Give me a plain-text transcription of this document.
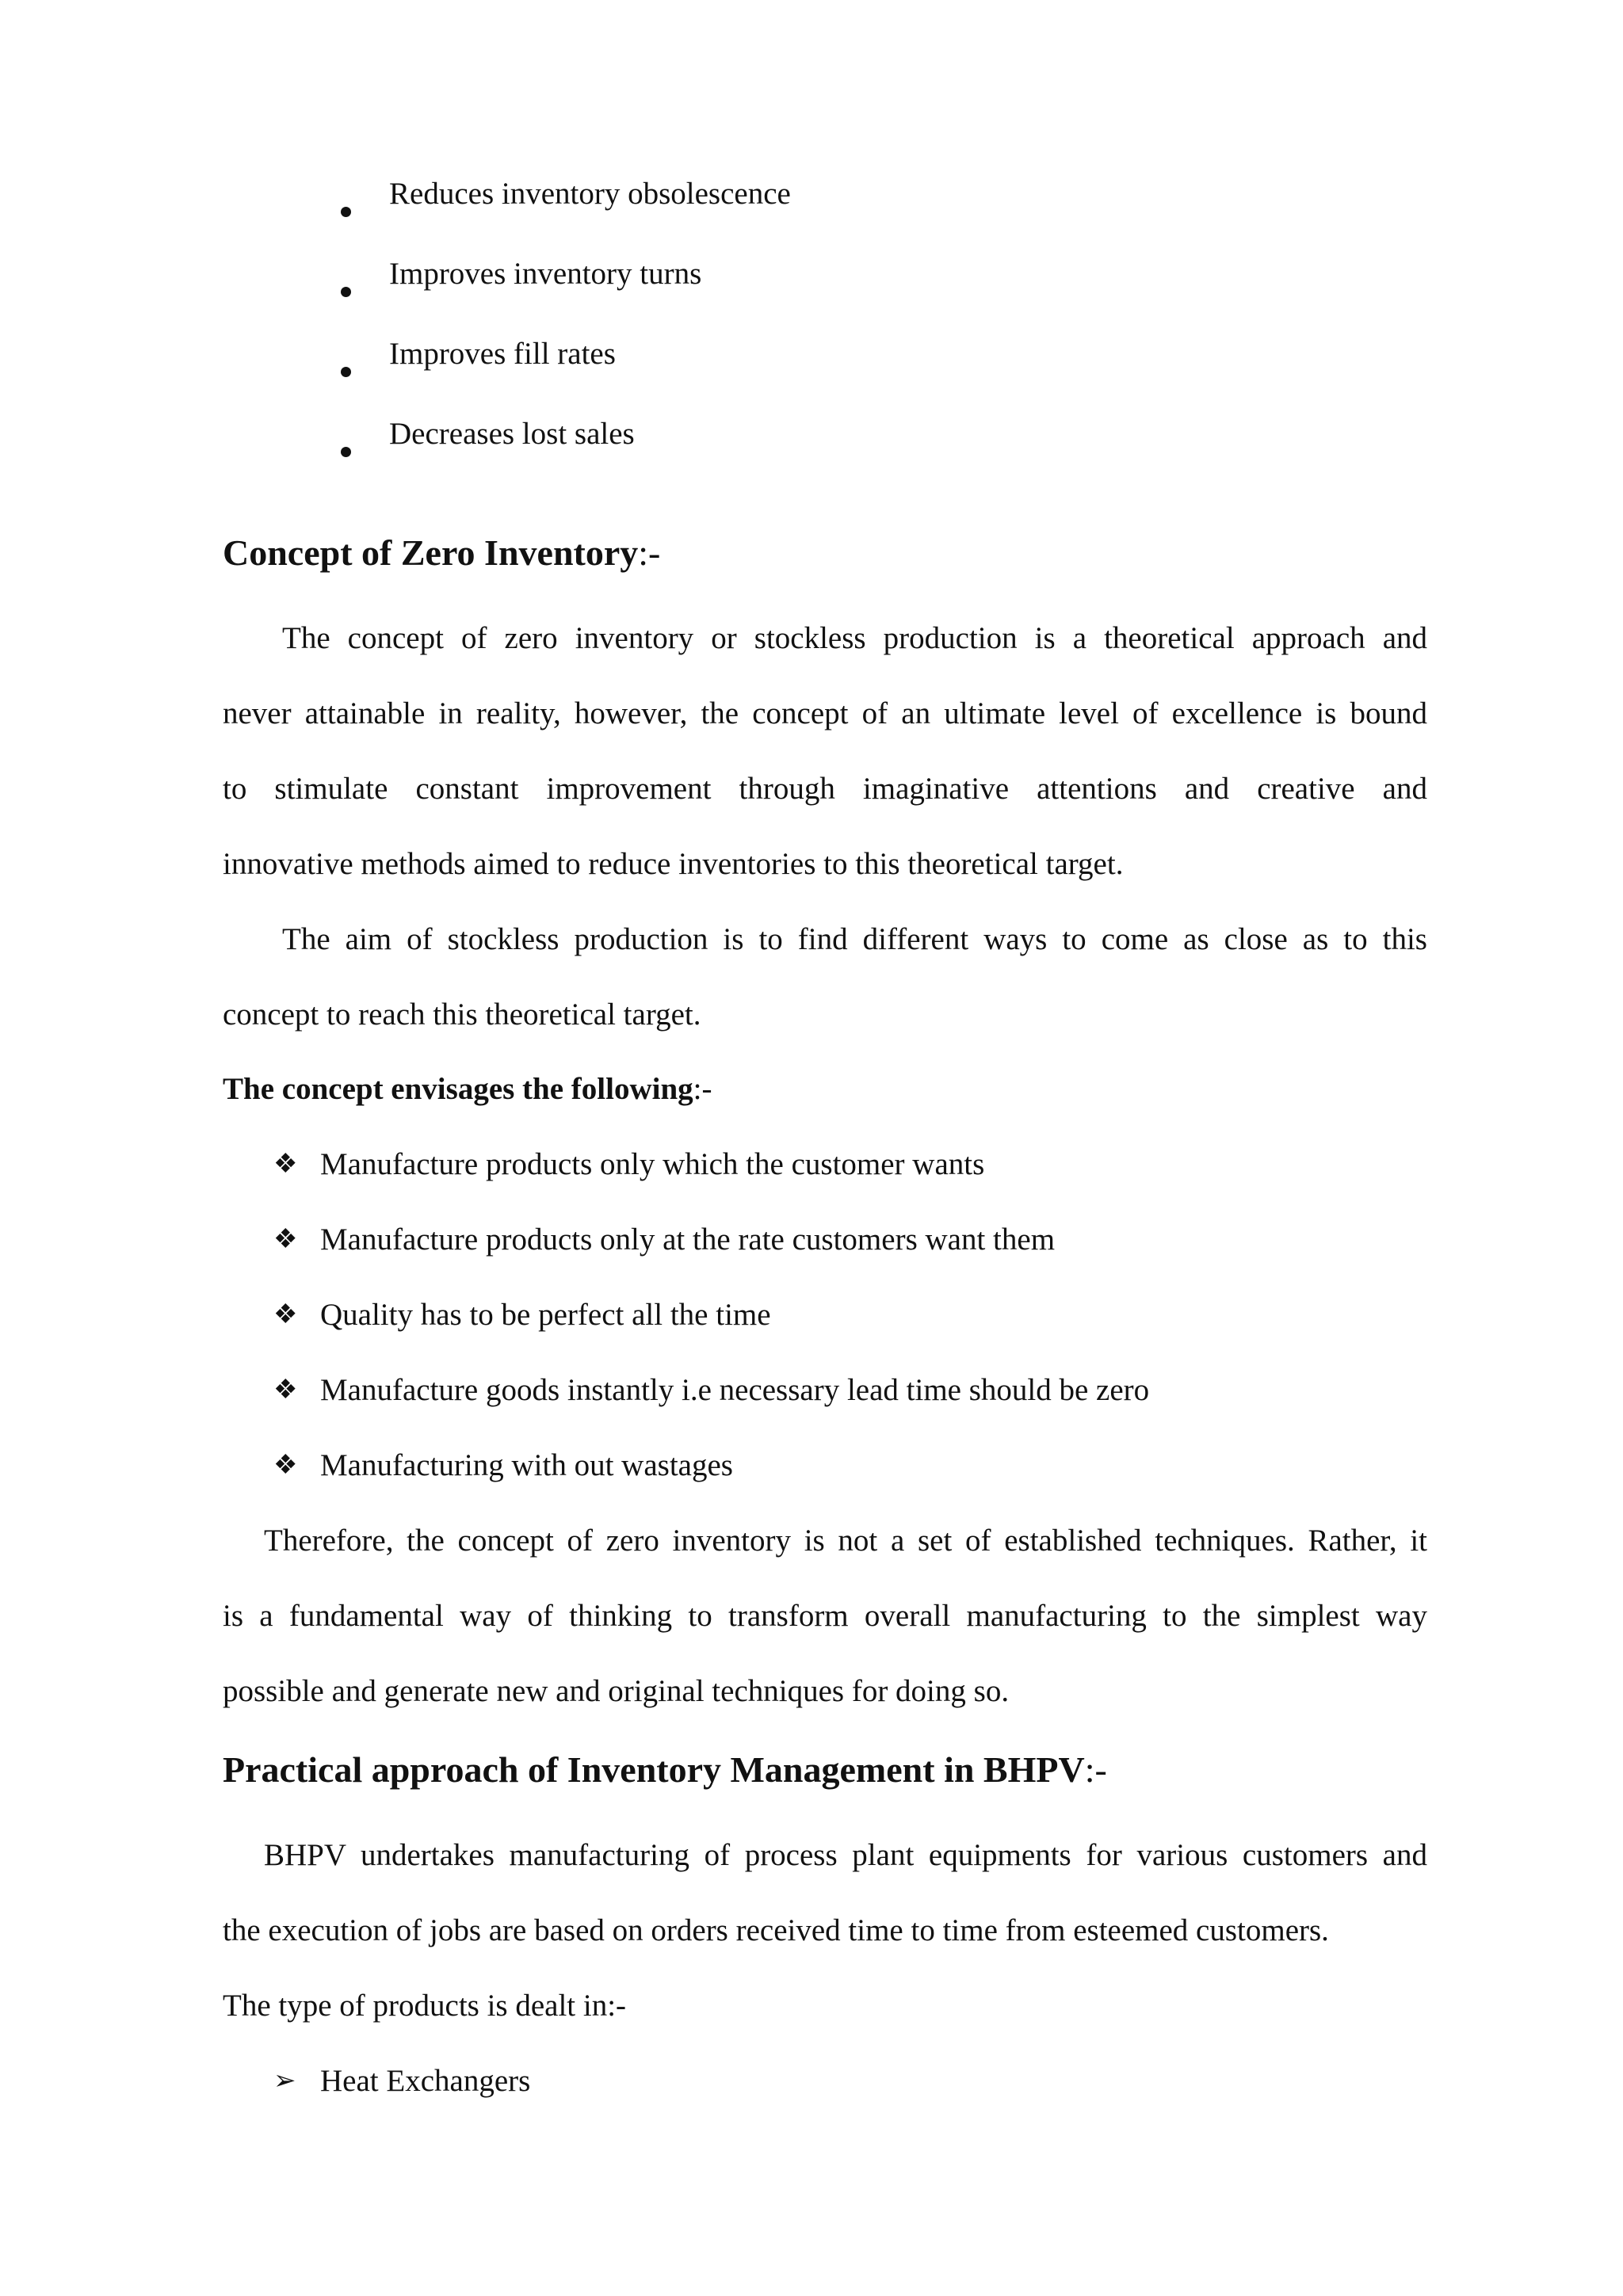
Reduces inventory obsolescence
Improves inventory turns
Improves fill rates
Decreases lost sales
Concept of Zero Inventory:-
The concept of zero inventory or stockless production is a theoretical approach and
never attainable in reality, however, the concept of an ultimate level of excellence is bound
to stimulate constant improvement through imaginative attentions and creative and
innovative methods aimed to reduce inventories to this theoretical target.
The aim of stockless production is to find different ways to come as close as to this
concept to reach this theoretical target.
The concept envisages the following:-
❖ Manufacture products only which the customer wants
❖ Manufacture products only at the rate customers want them
❖ Quality has to be perfect all the time
❖ Manufacture goods instantly i.e necessary lead time should be zero
❖ Manufacturing with out wastages
Therefore, the concept of zero inventory is not a set of established techniques. Rather, it
is a fundamental way of thinking to transform overall manufacturing to the simplest way
possible and generate new and original techniques for doing so.
Practical approach of Inventory Management in BHPV:-
BHPV undertakes manufacturing of process plant equipments for various customers and
the execution of jobs are based on orders received time to time from esteemed customers.
The type of products is dealt in:-
➢ Heat Exchangers
